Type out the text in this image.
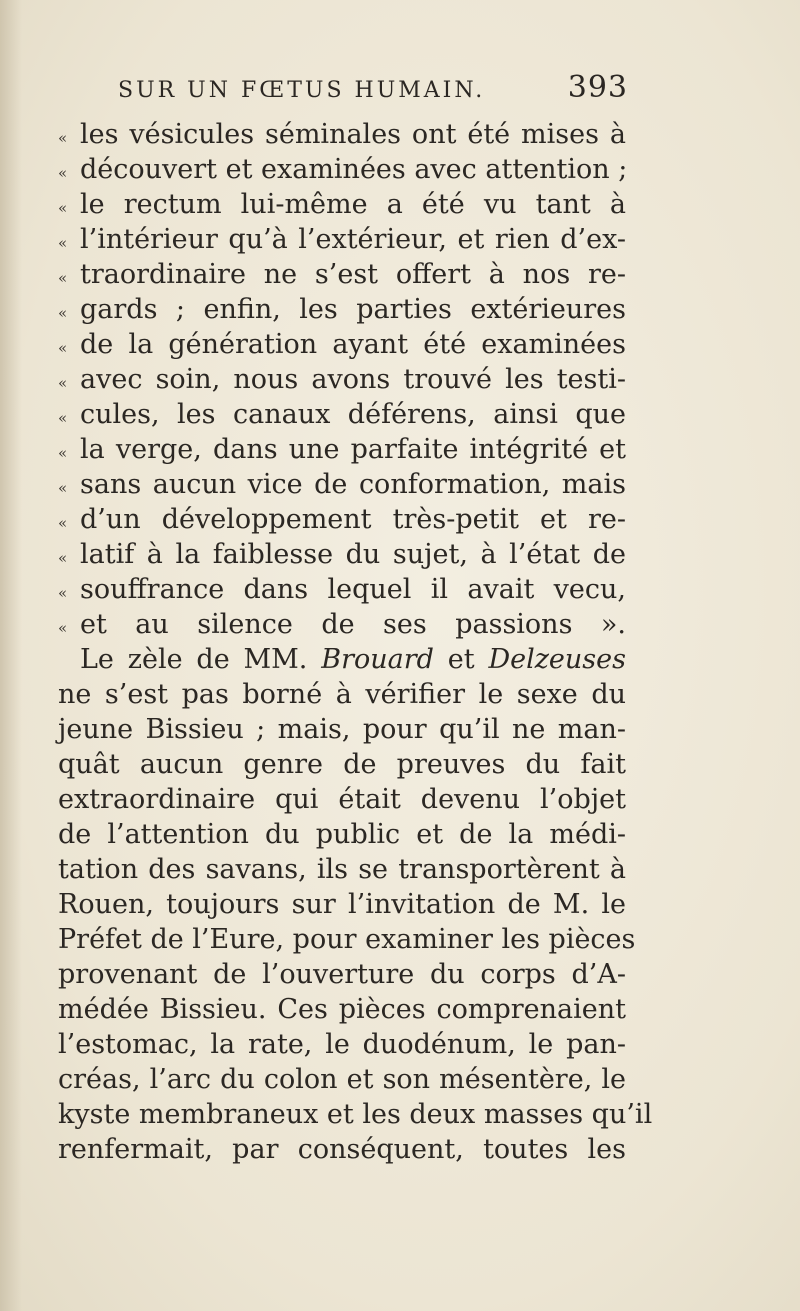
SUR UN FŒTUS HUMAIN.	393
« les vésicules séminales ont été mises à
« découvert et examinées avec attention ;
« le rectum lui-même a été vu tant à
« l’intérieur qu’à l’extérieur, et rien d’ex-
« traordinaire ne s’est offert à nos re-
« gards ; enfin, les parties extérieures
« de la génération ayant été examinées
« avec soin, nous avons trouvé les testi-
« cules, les canaux déférens, ainsi que
« la verge, dans une parfaite intégrité et
« sans aucun vice de conformation, mais
« d’un développement très-petit et re-
« latif à la faiblesse du sujet, à l’état de
« souffrance dans lequel il avait vecu,
« et au silence de ses passions ».
Le zèle de MM. Brouard et Delzeuses
ne s’est pas borné à vérifier le sexe du
jeune Bissieu ; mais, pour qu’il ne man-
quât aucun genre de preuves du fait
extraordinaire qui était devenu l’objet
de l’attention du public et de la médi-
tation des savans, ils se transportèrent à
Rouen, toujours sur l’invitation de M. le
Préfet de l’Eure, pour examiner les pièces
provenant de l’ouverture du corps d’A-
médée Bissieu. Ces pièces comprenaient
l’estomac, la rate, le duodénum, le pan-
créas, l’arc du colon et son mésentère, le
kyste membraneux et les deux masses qu’il
renfermait, par conséquent, toutes les
